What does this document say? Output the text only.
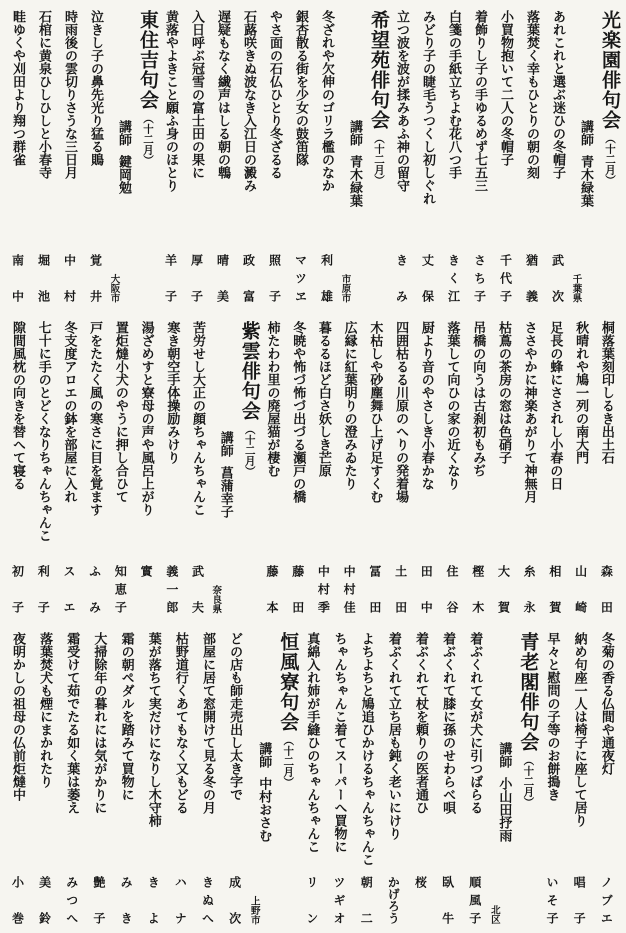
光楽園俳句会（十二月）
講師青木緑葉
千葉県
あれこれと選ぶ迷ひの冬帽子
武次
落葉焚く幸もひとりの朝の刻
猶義
小買物抱いて二人の冬帽子
千代子
着飾りし子の手ゆるめず七五三
さち子
白箋の手紙立ちよむ花八つ手
きく江
みどり子の睫毛うつくし初しぐれ
丈保
立つ波を波が揉みあふ神の留守
きみ
希望苑俳句会（十二月）
講師青木緑葉
市原市
冬ざれや欠伸のゴリラ檻のなか
利雄
銀杏散る街を少女の鼓笛隊
マツヱ
やさ面の石仏ひとり冬ざるる
照子
石蕗咲きぬ波なき入江日の澱み
政富
遅疑もなく繊声はしる朝の鵯
晴美
入日呼ぶ冠雪の富士田の果に
厚子
黄落やよきこと願ふ身のほとり
羊子
東住吉句会（十二月）
講師鍵岡勉
大阪市
泣きし子の鼻先光り猛る鵙
覚井
時雨後の雲切りさうな三日月
中村
石棺に黄泉ひしひしと小春寺
堀池
畦ゆくや刈田より翔つ群雀
南中
桐落葉刻印しるき出土石
森田
秋晴れや鳩一列の南大門
山崎
足長の蜂にさされし小春の日
相賀
ささやかに神楽あがりて神無月
糸永
枯蔦の茶房の窓は色硝子
大賀
吊橋の向うは古刹初もみぢ
樫木
落葉して向ひの家の近くなり
住谷
厨より音のやさしき小春かな
田中
四囲枯るる川原のへりの発着場
土田
木枯しや砂塵舞ひ上げ足すくむ
冨田
広縁に紅葉明りの澄みゐたり
中村佳
暮るるほど白さ妖しき芒原
中村季
冬暁や怖づ怖づ出づる瀬戸の橋
藤田
柿たわわ里の廃屋猫が棲む
藤本
紫雲俳句会（十二月）
講師菖蒲幸子
奈良県
苦労せし大正の顔ちゃんちゃんこ
武夫
寒き朝空手体操励みけり
義一郎
湯ざめすと寮母の声や風呂上がり
實
置炬燵小犬のやうに押し合ひて
知恵子
戸をたたく風の寒さに目を覚ます
ふみ
冬支度アロエの鉢を部屋に入れ
スエ
七十に手のとどくなりちゃんちゃんこ
利子
隙間風枕の向きを替へて寝る
初子
冬菊の香る仏間や通夜灯
ノブエ
納め句座一人は椅子に座して居り
唱子
早々と慰問の子等のお餅搗き
いそ子
青老閣俳句会（十二月）
講師小山田抒雨
北区
着ぶくれて女が犬に引つばらる
順風子
着ぶくれて膝に孫のせわらべ唄
臥牛
着ぶくれて杖を頼りの医者通ひ
桜
着ぶくれて立ち居も鈍く老いにけり
かげろう
よちよちと鳩追ひかけるちゃんちゃんこ
朝二
ちゃんちゃんこ着てスーパーへ買物に
ツギオ
真綿入れ姉が手縫ひのちゃんちゃんこ
リン
恒風寮句会（十二月）
講師中村おさむ
上野市
どの店も師走売出し太き字で
成次
部屋に居て窓開けて見る冬の月
きぬへ
枯野道行くあてもなく又もどる
ハナ
葉が落ちて実だけになりし木守柿
きよ
霜の朝ペダルを踏みて買物に
みき
大掃除年の暮れには気がかりに
艶子
霜受けて茹でたる如く葉は萎え
みつへ
落葉焚犬も煙にまかれたり
美鈴
夜明かしの祖母の仏前炬燵中
小巻
